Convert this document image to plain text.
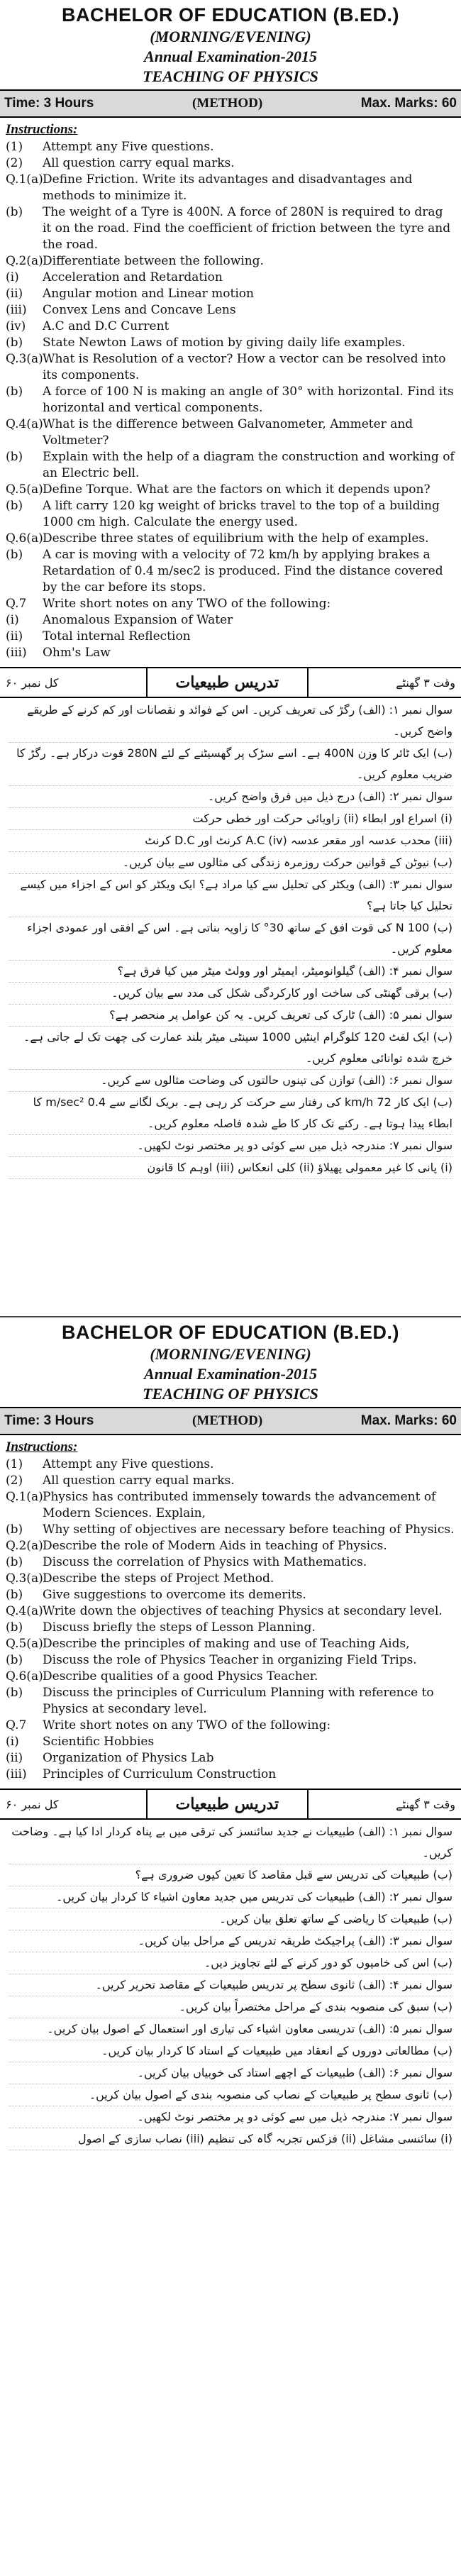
BACHELOR OF EDUCATION (B.ED.)

(MORNING/EVENING)

Annual Examination-2015

TEACHING OF PHYSICS

Time: 3 Hours	(METHOD)	Max. Marks: 60
Instructions:
(1)	Attempt any Five questions.
(2)	All question carry equal marks.
Q.1(a) Define Friction. Write its advantages and disadvantages and methods to minimize it.
(b)	The weight of a Tyre is 400N. A force of 280N is required to drag it on the road. Find the coefficient of friction between the tyre and the road.
Q.2(a) Differentiate between the following.
(i)	Acceleration and Retardation
(ii)	Angular motion and Linear motion
(iii)	Convex Lens and Concave Lens
(iv)	A.C and D.C Current
(b)	State Newton Laws of motion by giving daily life examples.
Q.3(a) What is Resolution of a vector? How a vector can be resolved into its components.
(b)	A force of 100 N is making an angle of 30° with horizontal. Find its horizontal and vertical components.
Q.4(a) What is the difference between Galvanometer, Ammeter and Voltmeter?
(b)	Explain with the help of a diagram the construction and working of an Electric bell.
Q.5(a) Define Torque. What are the factors on which it depends upon?
(b)	A lift carry 120 kg weight of bricks travel to the top of a building 1000 cm high. Calculate the energy used.
Q.6(a) Describe three states of equilibrium with the help of examples.
(b)	A car is moving with a velocity of 72 km/h by applying brakes a Retardation of 0.4 m/sec2 is produced. Find the distance covered by the car before its stops.
Q.7	Write short notes on any TWO of the following:
(i)	Anomalous Expansion of Water
(ii)	Total internal Reflection
(iii)	Ohm's Law
کل نمبر ۶۰	تدریس طبیعیات	وقت ۳ گھنٹے
سوال نمبر ۱: (الف) رگڑ کی تعریف کریں۔ اس کے فوائد و نقصانات اور کم کرنے کے طریقے واضح کریں۔
(ب) ایک ٹائر کا وزن 400N ہے۔ اسے سڑک پر گھسیٹنے کے لئے 280N قوت درکار ہے۔ رگڑ کا ضریب معلوم کریں۔
سوال نمبر ۲: (الف) درج ذیل میں فرق واضح کریں۔
(i) اسراع اور ابطاء (ii) زاویائی حرکت اور خطی حرکت
(iii) محدب عدسہ اور مقعر عدسہ (iv) A.C کرنٹ اور D.C کرنٹ
(ب) نیوٹن کے قوانین حرکت روزمرہ زندگی کی مثالوں سے بیان کریں۔
سوال نمبر ۳: (الف) ویکٹر کی تحلیل سے کیا مراد ہے؟ ایک ویکٹر کو اس کے اجزاء میں کیسے تحلیل کیا جاتا ہے؟
(ب) 100 N کی قوت افق کے ساتھ 30° کا زاویہ بناتی ہے۔ اس کے افقی اور عمودی اجزاء معلوم کریں۔
سوال نمبر ۴: (الف) گیلوانومیٹر، ایمیٹر اور وولٹ میٹر میں کیا فرق ہے؟
(ب) برقی گھنٹی کی ساخت اور کارکردگی شکل کی مدد سے بیان کریں۔
سوال نمبر ۵: (الف) ٹارک کی تعریف کریں۔ یہ کن عوامل پر منحصر ہے؟
(ب) ایک لفٹ 120 کلوگرام اینٹیں 1000 سینٹی میٹر بلند عمارت کی چھت تک لے جاتی ہے۔ خرچ شدہ توانائی معلوم کریں۔
سوال نمبر ۶: (الف) توازن کی تینوں حالتوں کی وضاحت مثالوں سے کریں۔
(ب) ایک کار 72 km/h کی رفتار سے حرکت کر رہی ہے۔ بریک لگانے سے 0.4 m/sec² کا ابطاء پیدا ہوتا ہے۔ رکنے تک کار کا طے شدہ فاصلہ معلوم کریں۔
سوال نمبر ۷: مندرجہ ذیل میں سے کوئی دو پر مختصر نوٹ لکھیں۔
(i) پانی کا غیر معمولی پھیلاؤ (ii) کلی انعکاس (iii) اوہم کا قانون

BACHELOR OF EDUCATION (B.ED.)

(MORNING/EVENING)

Annual Examination-2015

TEACHING OF PHYSICS

Time: 3 Hours	(METHOD)	Max. Marks: 60
Instructions:
(1)	Attempt any Five questions.
(2)	All question carry equal marks.
Q.1(a) Physics has contributed immensely towards the advancement of Modern Sciences. Explain,
(b)	Why setting of objectives are necessary before teaching of Physics.
Q.2(a) Describe the role of Modern Aids in teaching of Physics.
(b)	Discuss the correlation of Physics with Mathematics.
Q.3(a) Describe the steps of Project Method.
(b)	Give suggestions to overcome its demerits.
Q.4(a) Write down the objectives of teaching Physics at secondary level.
(b)	Discuss briefly the steps of Lesson Planning.
Q.5(a) Describe the principles of making and use of Teaching Aids,
(b)	Discuss the role of Physics Teacher in organizing Field Trips.
Q.6(a) Describe qualities of a good Physics Teacher.
(b)	Discuss the principles of Curriculum Planning with reference to Physics at secondary level.
Q.7	Write short notes on any TWO of the following:
(i)	Scientific Hobbies
(ii)	Organization of Physics Lab
(iii)	Principles of Curriculum Construction
کل نمبر ۶۰	تدریس طبیعیات	وقت ۳ گھنٹے
سوال نمبر ۱: (الف) طبیعیات نے جدید سائنسز کی ترقی میں بے پناہ کردار ادا کیا ہے۔ وضاحت کریں۔
(ب) طبیعیات کی تدریس سے قبل مقاصد کا تعین کیوں ضروری ہے؟
سوال نمبر ۲: (الف) طبیعیات کی تدریس میں جدید معاون اشیاء کا کردار بیان کریں۔
(ب) طبیعیات کا ریاضی کے ساتھ تعلق بیان کریں۔
سوال نمبر ۳: (الف) پراجیکٹ طریقہ تدریس کے مراحل بیان کریں۔
(ب) اس کی خامیوں کو دور کرنے کے لئے تجاویز دیں۔
سوال نمبر ۴: (الف) ثانوی سطح پر تدریس طبیعیات کے مقاصد تحریر کریں۔
(ب) سبق کی منصوبہ بندی کے مراحل مختصراً بیان کریں۔
سوال نمبر ۵: (الف) تدریسی معاون اشیاء کی تیاری اور استعمال کے اصول بیان کریں۔
(ب) مطالعاتی دوروں کے انعقاد میں طبیعیات کے استاد کا کردار بیان کریں۔
سوال نمبر ۶: (الف) طبیعیات کے اچھے استاد کی خوبیاں بیان کریں۔
(ب) ثانوی سطح پر طبیعیات کے نصاب کی منصوبہ بندی کے اصول بیان کریں۔
سوال نمبر ۷: مندرجہ ذیل میں سے کوئی دو پر مختصر نوٹ لکھیں۔
(i) سائنسی مشاغل (ii) فزکس تجربہ گاہ کی تنظیم (iii) نصاب سازی کے اصول
